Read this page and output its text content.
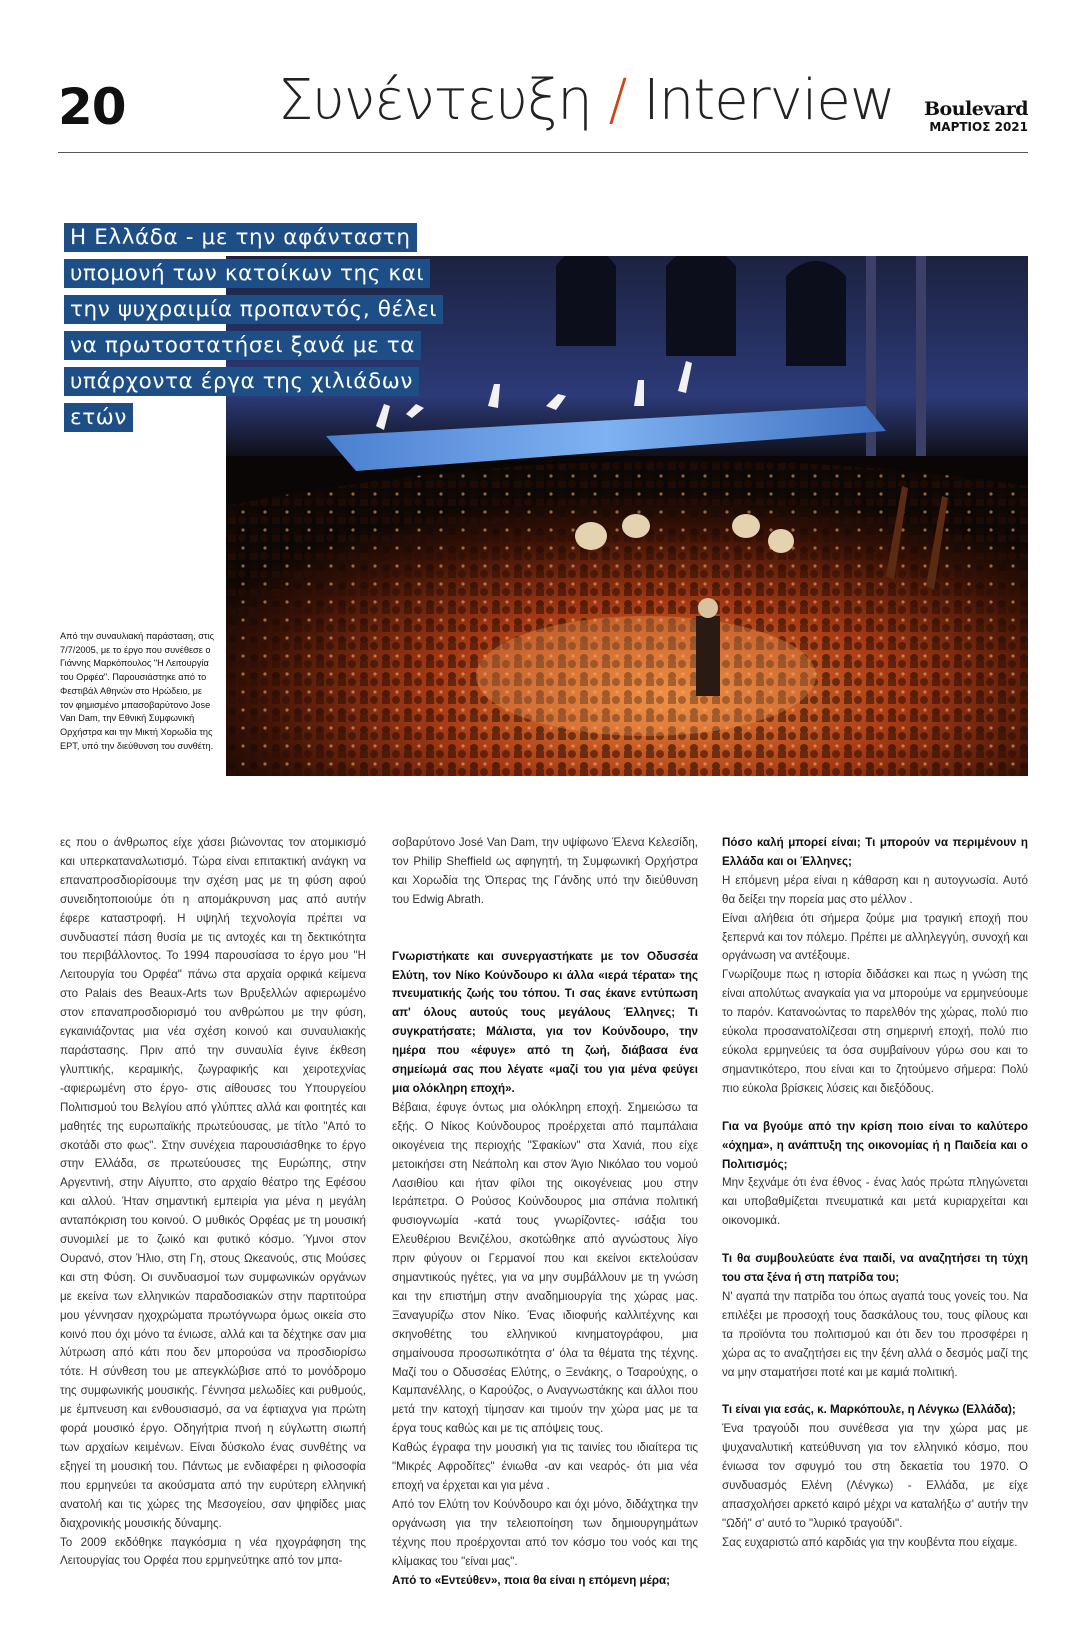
20	Συνέντευξη / Interview Boulevard
ΜΑΡΤΙΟΣ 2021
Η Ελλάδα - με την αφάνταστη
υπομονή των κατοίκων της και
την ψυχραιμία προπαντός, θέλει
να πρωτοστατήσει ξανά με τα
υπάρχοντα έργα της χιλιάδων ετών
Από την συναυλιακή παράσταση, στις 7/7/2005, με το έργο που συνέθεσε ο Γιάννης Μαρκόπουλος "Η Λειτουργία του Ορφέα". Παρουσιάστηκε από το Φεστιβάλ Αθηνών στο Ηρώδειο, με τον φημισμένο μπασοβαρύτονο Jose Van Dam, την Εθνική Συμφωνική Ορχήστρα και την Μικτή Χορωδία της ΕΡΤ, υπό την διεύθυνση του συνθέτη.

ες που ο άνθρωπος είχε χάσει βιώνοντας τον ατομικισμό και υπερκαταναλωτισμό. Τώρα είναι επιτακτική ανάγκη να επαναπροσδιορίσουμε την σχέση μας με τη φύση αφού συνειδητοποιούμε ότι η απομάκρυνση μας από αυτήν έφερε καταστροφή. Η υψηλή τεχνολογία πρέπει να συνδυαστεί πάση θυσία με τις αντοχές και τη δεκτικότητα του περιβάλλοντος. Το 1994 παρουσίασα το έργο μου "Η Λειτουργία του Ορφέα" πάνω στα αρχαία ορφικά κείμενα στο Palais des Beaux-Arts των Βρυξελλών αφιερωμένο στον επαναπροσδιορισμό του ανθρώπου με την φύση, εγκαινιάζοντας μια νέα σχέση κοινού και συναυλιακής παράστασης. Πριν από την συναυλία έγινε έκθεση γλυπτικής, κεραμικής, ζωγραφικής και χειροτεχνίας -αφιερωμένη στο έργο- στις αίθουσες του Υπουργείου Πολιτισμού του Βελγίου από γλύπτες αλλά και φοιτητές και μαθητές της ευρωπαϊκής πρωτεύουσας, με τίτλο "Από το σκοτάδι στο φως". Στην συνέχεια παρουσιάσθηκε το έργο στην Ελλάδα, σε πρωτεύουσες της Ευρώπης, στην Αργεντινή, στην Αίγυπτο, στο αρχαίο θέατρο της Εφέσου και αλλού. Ήταν σημαντική εμπειρία για μένα η μεγάλη ανταπόκριση του κοινού. Ο μυθικός Ορφέας με τη μουσική συνομιλεί με το ζωικό και φυτικό κόσμο. Ύμνοι στον Ουρανό, στον Ήλιο, στη Γη, στους Ωκεανούς, στις Μούσες και στη Φύση. Οι συνδυασμοί των συμφωνικών οργάνων με εκείνα των ελληνικών παραδοσιακών στην παρτιτούρα μου γέννησαν ηχοχρώματα πρωτόγνωρα όμως οικεία στο κοινό που όχι μόνο τα ένιωσε, αλλά και τα δέχτηκε σαν μια λύτρωση από κάτι που δεν μπορούσα να προσδιορίσω τότε. Η σύνθεση του με απεγκλώβισε από το μονόδρομο της συμφωνικής μουσικής. Γέννησα μελωδίες και ρυθμούς, με έμπνευση και ενθουσιασμό, σα να έφτιαχνα για πρώτη φορά μουσικό έργο. Οδηγήτρια πνοή η εύγλωττη σιωπή των αρχαίων κειμένων. Είναι δύσκολο ένας συνθέτης να εξηγεί τη μουσική του. Πάντως με ενδιαφέρει η φιλοσοφία που ερμηνεύει τα ακούσματα από την ευρύτερη ελληνική ανατολή και τις χώρες της Μεσογείου, σαν ψηφίδες μιας διαχρονικής μουσικής δύναμης.

Το 2009 εκδόθηκε παγκόσμια η νέα ηχογράφηση της Λειτουργίας του Ορφέα που ερμηνεύτηκε από τον μπα-

σοβαρύτονο José Van Dam, την υψίφωνο Έλενα Κελεσίδη, τον Philip Sheffield ως αφηγητή, τη Συμφωνική Ορχήστρα και Χορωδία της Όπερας της Γάνδης υπό την διεύθυνση του Edwig Abrath.

Γνωριστήκατε και συνεργαστήκατε με τον Οδυσσέα Ελύτη, τον Νίκο Κούνδουρο κι άλλα «ιερά τέρατα» της πνευματικής ζωής του τόπου. Τι σας έκανε εντύπωση απ' όλους αυτούς τους μεγάλους Έλληνες; Τι συγκρατήσατε; Μάλιστα, για τον Κούνδουρο, την ημέρα που «έφυγε» από τη ζωή, διάβασα ένα σημείωμά σας που λέγατε «μαζί του για μένα φεύγει μια ολόκληρη εποχή».

Βέβαια, έφυγε όντως μια ολόκληρη εποχή. Σημειώσω τα εξής. Ο Νίκος Κούνδουρος προέρχεται από παμπάλαια οικογένεια της περιοχής "Σφακίων" στα Χανιά, που είχε μετοικήσει στη Νεάπολη και στον Άγιο Νικόλαο του νομού Λασιθίου και ήταν φίλοι της οικογένειας μου στην Ιεράπετρα. Ο Ρούσος Κούνδουρος μια σπάνια πολιτική φυσιογνωμία -κατά τους γνωρίζοντες- ισάξια του Ελευθέριου Βενιζέλου, σκοτώθηκε από αγνώστους λίγο πριν φύγουν οι Γερμανοί που και εκείνοι εκτελούσαν σημαντικούς ηγέτες, για να μην συμβάλλουν με τη γνώση και την επιστήμη στην αναδημιουργία της χώρας μας. Ξαναγυρίζω στον Νίκο. Ένας ιδιοφυής καλλιτέχνης και σκηνοθέτης του ελληνικού κινηματογράφου, μια σημαίνουσα προσωπικότητα σ' όλα τα θέματα της τέχνης. Μαζί του ο Οδυσσέας Ελύτης, ο Ξενάκης, ο Τσαρούχης, ο Καμπανέλλης, ο Καρούζος, ο Αναγνωστάκης και άλλοι που μετά την κατοχή τίμησαν και τιμούν την χώρα μας με τα έργα τους καθώς και με τις απόψεις τους.

Καθώς έγραφα την μουσική για τις ταινίες του ιδιαίτερα τις "Μικρές Αφροδίτες" ένιωθα -αν και νεαρός- ότι μια νέα εποχή να έρχεται και για μένα .

Από τον Ελύτη τον Κούνδουρο και όχι μόνο, διδάχτηκα την οργάνωση για την τελειοποίηση των δημιουργημάτων τέχνης που προέρχονται από τον κόσμο του νοός και της κλίμακας του "είναι μας".

Από το «Εντεύθεν», ποια θα είναι η επόμενη μέρα;

Πόσο καλή μπορεί είναι; Τι μπορούν να περιμένουν η Ελλάδα και οι Έλληνες;

Η επόμενη μέρα είναι η κάθαρση και η αυτογνωσία. Αυτό θα δείξει την πορεία μας στο μέλλον .

Είναι αλήθεια ότι σήμερα ζούμε μια τραγική εποχή που ξεπερνά και τον πόλεμο. Πρέπει με αλληλεγγύη, συνοχή και οργάνωση να αντέξουμε.

Γνωρίζουμε πως η ιστορία διδάσκει και πως η γνώση της είναι απολύτως αναγκαία για να μπορούμε να ερμηνεύουμε το παρόν. Κατανοώντας το παρελθόν της χώρας, πολύ πιο εύκολα προσανατολίζεσαι στη σημερινή εποχή, πολύ πιο εύκολα ερμηνεύεις τα όσα συμβαίνουν γύρω σου και το σημαντικότερο, που είναι και το ζητούμενο σήμερα: Πολύ πιο εύκολα βρίσκεις λύσεις και διεξόδους.

Για να βγούμε από την κρίση ποιο είναι το καλύτερο «όχημα», η ανάπτυξη της οικονομίας ή η Παιδεία και ο Πολιτισμός;

Μην ξεχνάμε ότι ένα έθνος - ένας λαός πρώτα πληγώνεται και υποβαθμίζεται πνευματικά και μετά κυριαρχείται και οικονομικά.

Τι θα συμβουλεύατε ένα παιδί, να αναζητήσει τη τύχη του στα ξένα ή στη πατρίδα του;

Ν' αγαπά την πατρίδα του όπως αγαπά τους γονείς του. Να επιλέξει με προσοχή τους δασκάλους του, τους φίλους και τα προϊόντα του πολιτισμού και ότι δεν του προσφέρει η χώρα ας το αναζητήσει εις την ξένη αλλά ο δεσμός μαζί της να μην σταματήσει ποτέ και με καμιά πολιτική.

Τι είναι για εσάς, κ. Μαρκόπουλε, η Λένγκω (Ελλάδα);

Ένα τραγούδι που συνέθεσα για την χώρα μας με ψυχαναλυτική κατεύθυνση για τον ελληνικό κόσμο, που ένιωσα τον σφυγμό του στη δεκαετία του 1970. Ο συνδυασμός Ελένη (Λένγκω) - Ελλάδα, με είχε απασχολήσει αρκετό καιρό μέχρι να καταλήξω σ' αυτήν την "Ωδή" σ' αυτό το "λυρικό τραγούδι".

Σας ευχαριστώ από καρδιάς για την κουβέντα που είχαμε.
